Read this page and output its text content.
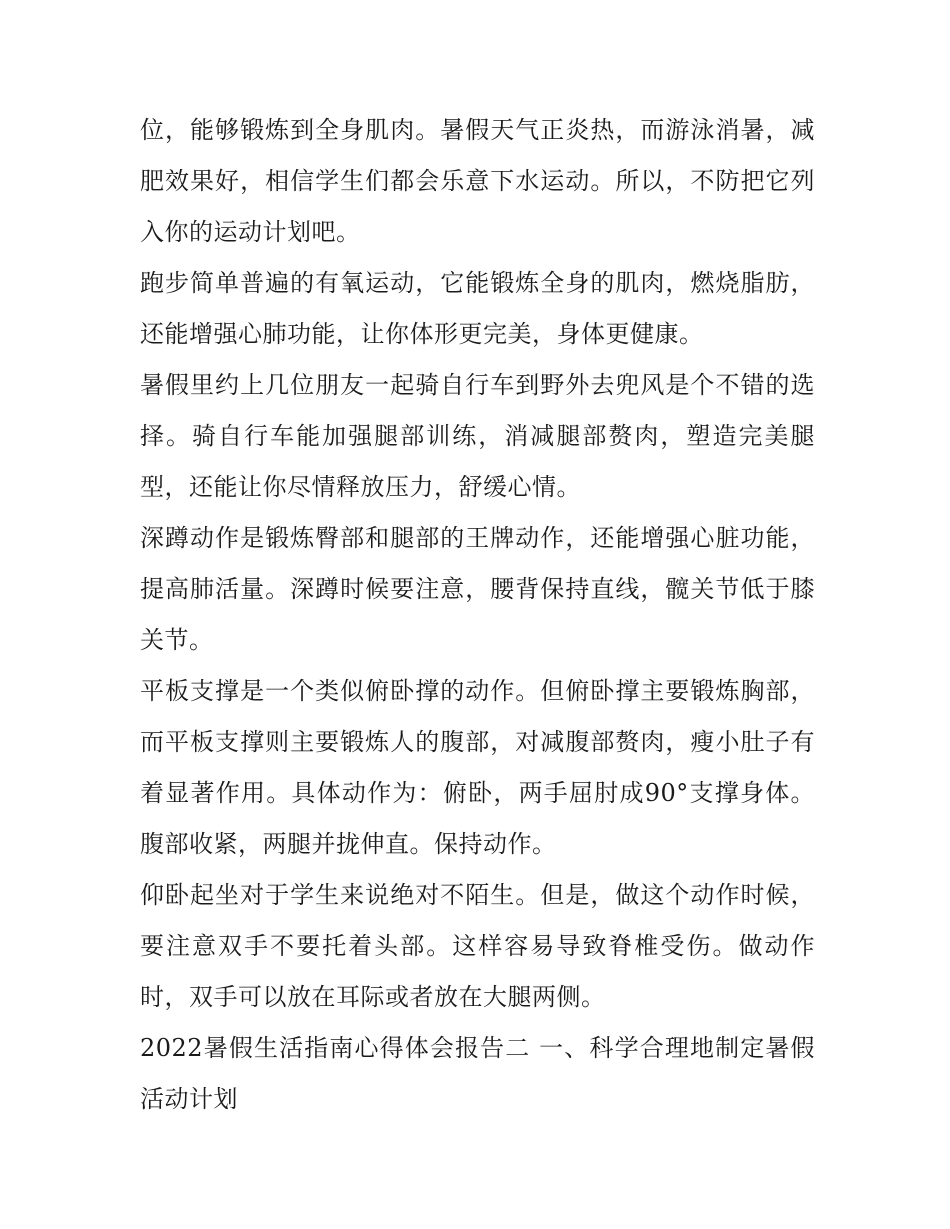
位，能够锻炼到全身肌肉。暑假天气正炎热，而游泳消暑，减肥效果好，相信学生们都会乐意下水运动。所以，不防把它列入你的运动计划吧。

跑步简单普遍的有氧运动，它能锻炼全身的肌肉，燃烧脂肪，还能增强心肺功能，让你体形更完美，身体更健康。

暑假里约上几位朋友一起骑自行车到野外去兜风是个不错的选择。骑自行车能加强腿部训练，消减腿部赘肉，塑造完美腿型，还能让你尽情释放压力，舒缓心情。

深蹲动作是锻炼臀部和腿部的王牌动作，还能增强心脏功能，提高肺活量。深蹲时候要注意，腰背保持直线，髋关节低于膝关节。

平板支撑是一个类似俯卧撑的动作。但俯卧撑主要锻炼胸部，而平板支撑则主要锻炼人的腹部，对减腹部赘肉，瘦小肚子有着显著作用。具体动作为：俯卧，两手屈肘成90°支撑身体。腹部收紧，两腿并拢伸直。保持动作。

仰卧起坐对于学生来说绝对不陌生。但是，做这个动作时候，要注意双手不要托着头部。这样容易导致脊椎受伤。做动作时，双手可以放在耳际或者放在大腿两侧。

2022暑假生活指南心得体会报告二 一、科学合理地制定暑假活动计划
